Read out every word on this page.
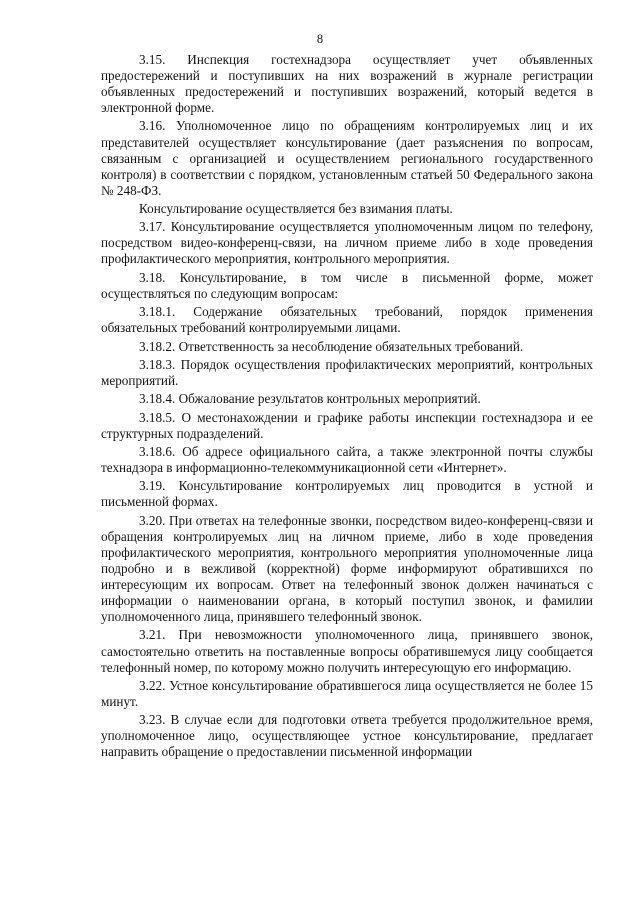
8

3.15. Инспекция гостехнадзора осуществляет учет объявленных предостережений и поступивших на них возражений в журнале регистрации объявленных предостережений и поступивших возражений, который ведется в электронной форме.

3.16. Уполномоченное лицо по обращениям контролируемых лиц и их представителей осуществляет консультирование (дает разъяснения по вопросам, связанным с организацией и осуществлением регионального государственного контроля) в соответствии с порядком, установленным статьей 50 Федерального закона № 248-ФЗ.

Консультирование осуществляется без взимания платы.

3.17. Консультирование осуществляется уполномоченным лицом по телефону, посредством видео-конференц-связи, на личном приеме либо в ходе проведения профилактического мероприятия, контрольного мероприятия.

3.18. Консультирование, в том числе в письменной форме, может осуществляться по следующим вопросам:

3.18.1. Содержание обязательных требований, порядок применения обязательных требований контролируемыми лицами.

3.18.2. Ответственность за несоблюдение обязательных требований.

3.18.3. Порядок осуществления профилактических мероприятий, контрольных мероприятий.

3.18.4. Обжалование результатов контрольных мероприятий.

3.18.5. О местонахождении и графике работы инспекции гостехнадзора и ее структурных подразделений.

3.18.6. Об адресе официального сайта, а также электронной почты службы технадзора в информационно-телекоммуникационной сети «Интернет».

3.19. Консультирование контролируемых лиц проводится в устной и письменной формах.

3.20. При ответах на телефонные звонки, посредством видео-конференц-связи и обращения контролируемых лиц на личном приеме, либо в ходе проведения профилактического мероприятия, контрольного мероприятия уполномоченные лица подробно и в вежливой (корректной) форме информируют обратившихся по интересующим их вопросам. Ответ на телефонный звонок должен начинаться с информации о наименовании органа, в который поступил звонок, и фамилии уполномоченного лица, принявшего телефонный звонок.

3.21. При невозможности уполномоченного лица, принявшего звонок, самостоятельно ответить на поставленные вопросы обратившемуся лицу сообщается телефонный номер, по которому можно получить интересующую его информацию.

3.22. Устное консультирование обратившегося лица осуществляется не более 15 минут.

3.23. В случае если для подготовки ответа требуется продолжительное время, уполномоченное лицо, осуществляющее устное консультирование, предлагает направить обращение о предоставлении письменной информации
